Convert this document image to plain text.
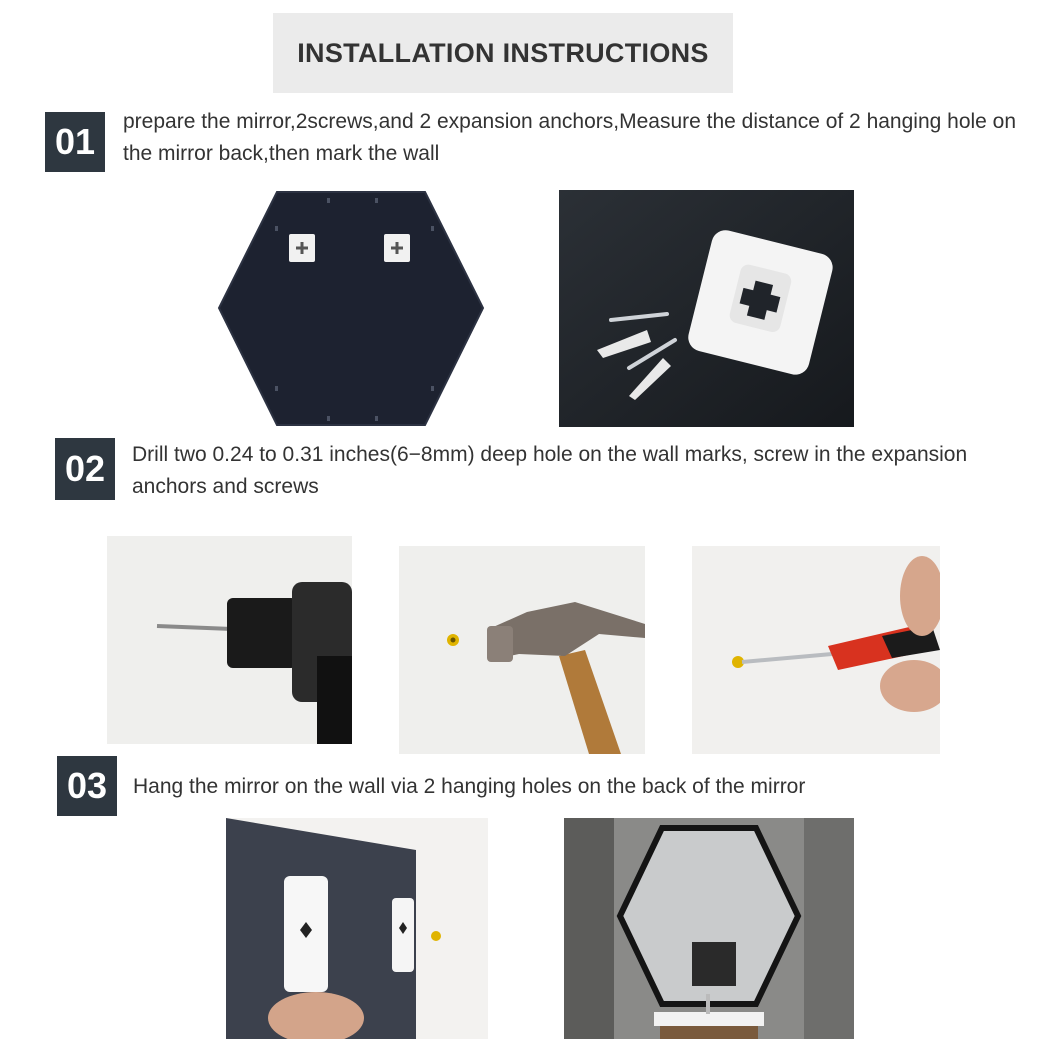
INSTALLATION INSTRUCTIONS
01	prepare the mirror,2screws,and 2 expansion anchors,Measure the distance of 2 hanging hole on the mirror back,then mark the wall
02	Drill two 0.24 to 0.31 inches(6−8mm) deep hole on the wall marks, screw in the expansion anchors and screws
03	Hang the mirror on the wall via 2 hanging holes on the back of the mirror
